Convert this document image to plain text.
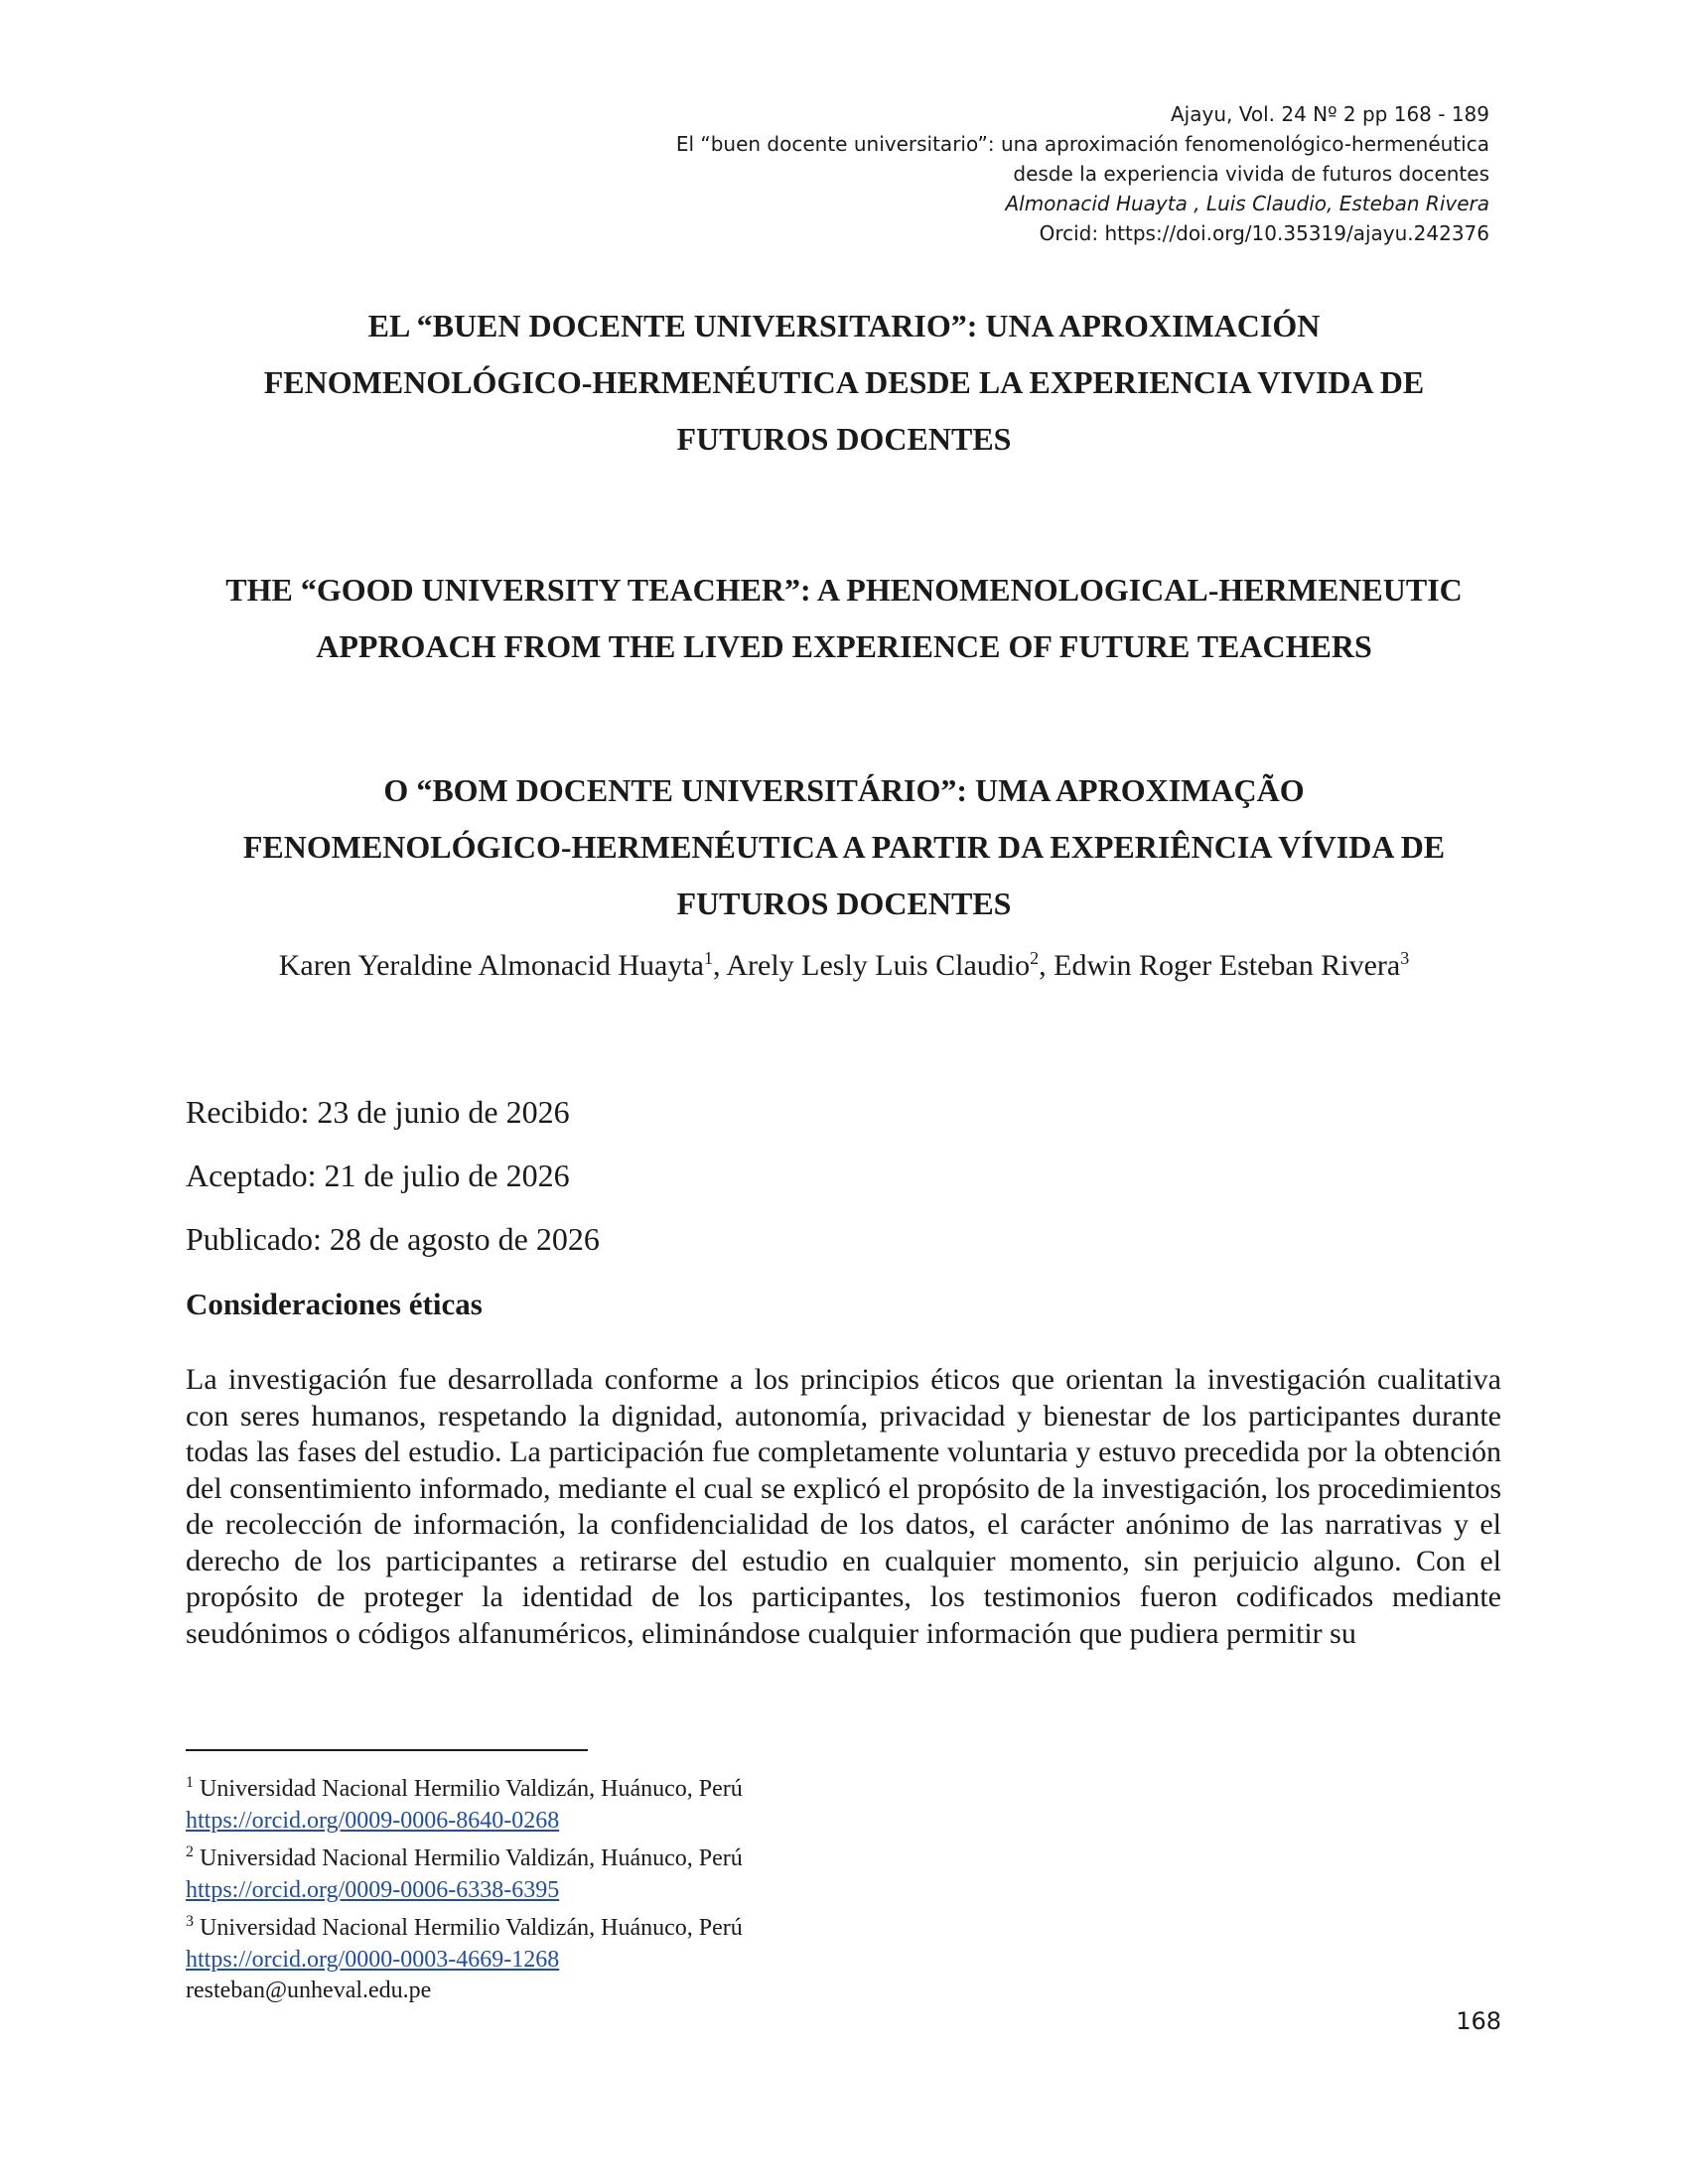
Ajayu, Vol. 24 Nº 2 pp 168 - 189
El “buen docente universitario”: una aproximación fenomenológico-hermenéutica
desde la experiencia vivida de futuros docentes
Almonacid Huayta , Luis Claudio, Esteban Rivera
Orcid: https://doi.org/10.35319/ajayu.242376
EL “BUEN DOCENTE UNIVERSITARIO”: UNA APROXIMACIÓN
FENOMENOLÓGICO-HERMENÉUTICA DESDE LA EXPERIENCIA VIVIDA DE
FUTUROS DOCENTES
THE “GOOD UNIVERSITY TEACHER”: A PHENOMENOLOGICAL-HERMENEUTIC
APPROACH FROM THE LIVED EXPERIENCE OF FUTURE TEACHERS
O “BOM DOCENTE UNIVERSITÁRIO”: UMA APROXIMAÇÃO
FENOMENOLÓGICO-HERMENÉUTICA A PARTIR DA EXPERIÊNCIA VÍVIDA DE
FUTUROS DOCENTES
Karen Yeraldine Almonacid Huayta$^1$, Arely Lesly Luis Claudio$^2$, Edwin Roger Esteban Rivera$^3$
Recibido: 23 de junio de 2026
Aceptado: 21 de julio de 2026
Publicado: 28 de agosto de 2026
Consideraciones éticas

La investigación fue desarrollada conforme a los principios éticos que orientan la investigación cualitativa con seres humanos, respetando la dignidad, autonomía, privacidad y bienestar de los participantes durante todas las fases del estudio. La participación fue completamente voluntaria y estuvo precedida por la obtención del consentimiento informado, mediante el cual se explicó el propósito de la investigación, los procedimientos de recolección de información, la confidencialidad de los datos, el carácter anónimo de las narrativas y el derecho de los participantes a retirarse del estudio en cualquier momento, sin perjuicio alguno. Con el propósito de proteger la identidad de los participantes, los testimonios fueron codificados mediante seudónimos o códigos alfanuméricos, eliminándose cualquier información que pudiera permitir su

$^1$ Universidad Nacional Hermilio Valdizán, Huánuco, Perú
https://orcid.org/0009-0006-8640-0268
$^2$ Universidad Nacional Hermilio Valdizán, Huánuco, Perú
https://orcid.org/0009-0006-6338-6395
$^3$ Universidad Nacional Hermilio Valdizán, Huánuco, Perú
https://orcid.org/0000-0003-4669-1268
resteban@unheval.edu.pe
168
